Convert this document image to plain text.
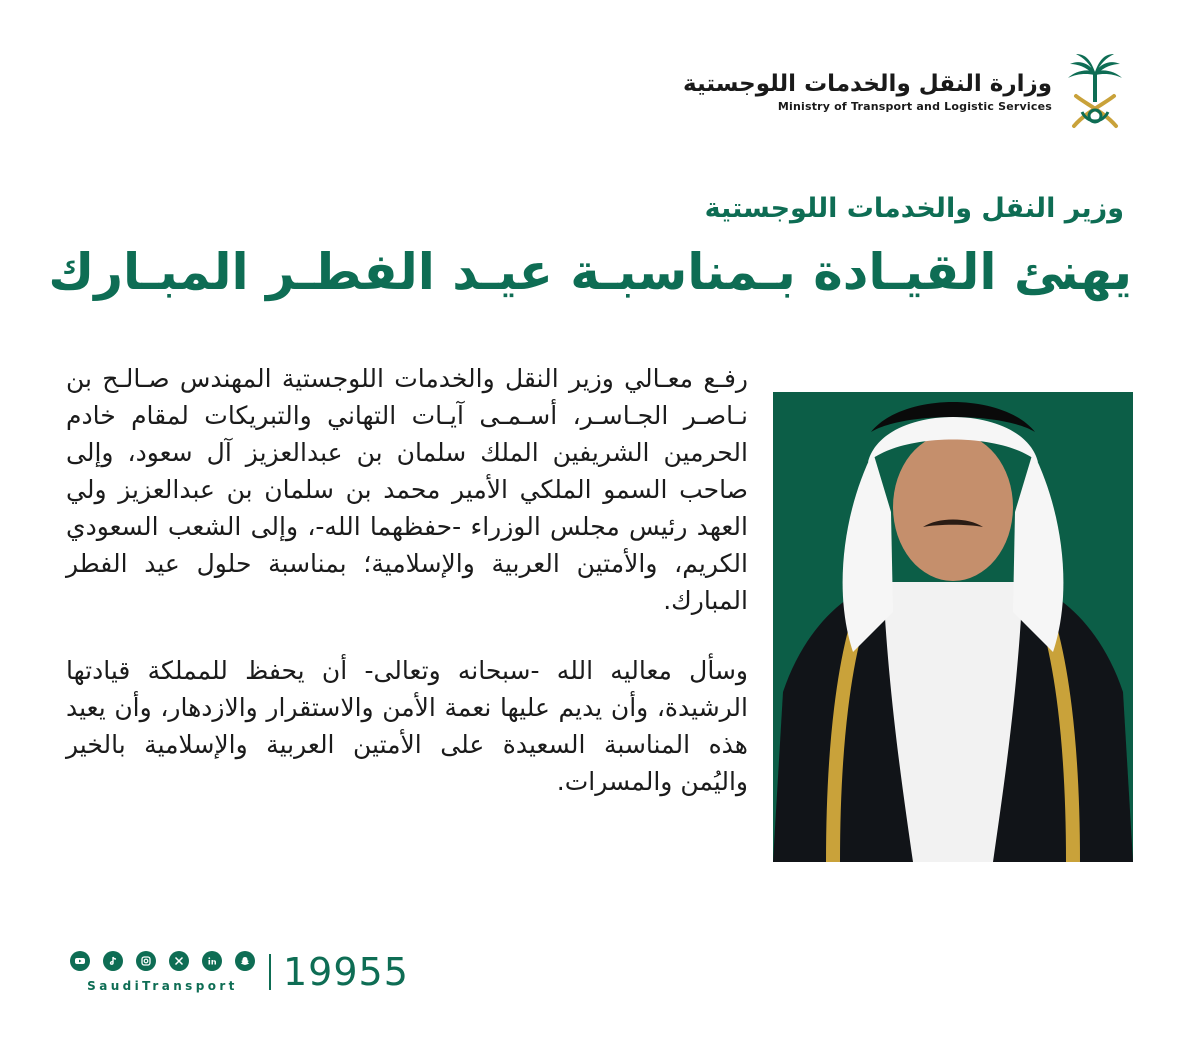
وزارة النقل والخدمات اللوجستية
Ministry of Transport and Logistic Services
وزير النقل والخدمات اللوجستية
يهنئ القيـادة بـمناسبـة عيـد الفطـر المبـارك

رفـع معـالي وزير النقل والخدمات اللوجستية المهندس صـالـح بن نـاصـر الجـاسـر، أسـمـى آيـات التهاني والتبريكات لمقام خادم الحرمين الشريفين الملك سلمان بن عبدالعزيز آل سعود، وإلى صاحب السمو الملكي الأمير محمد بن سلمان بن عبدالعزيز ولي العهد رئيس مجلس الوزراء -حفظهما الله-، وإلى الشعب السعودي الكريم، والأمتين العربية والإسلامية؛ بمناسبة حلول عيد الفطر المبارك.

وسأل معاليه الله -سبحانه وتعالى- أن يحفظ للمملكة قيادتها الرشيدة، وأن يديم عليها نعمة الأمن والاستقرار والازدهار، وأن يعيد هذه المناسبة السعيدة على الأمتين العربية والإسلامية بالخير واليُمن والمسرات.

SaudiTransport 19955
